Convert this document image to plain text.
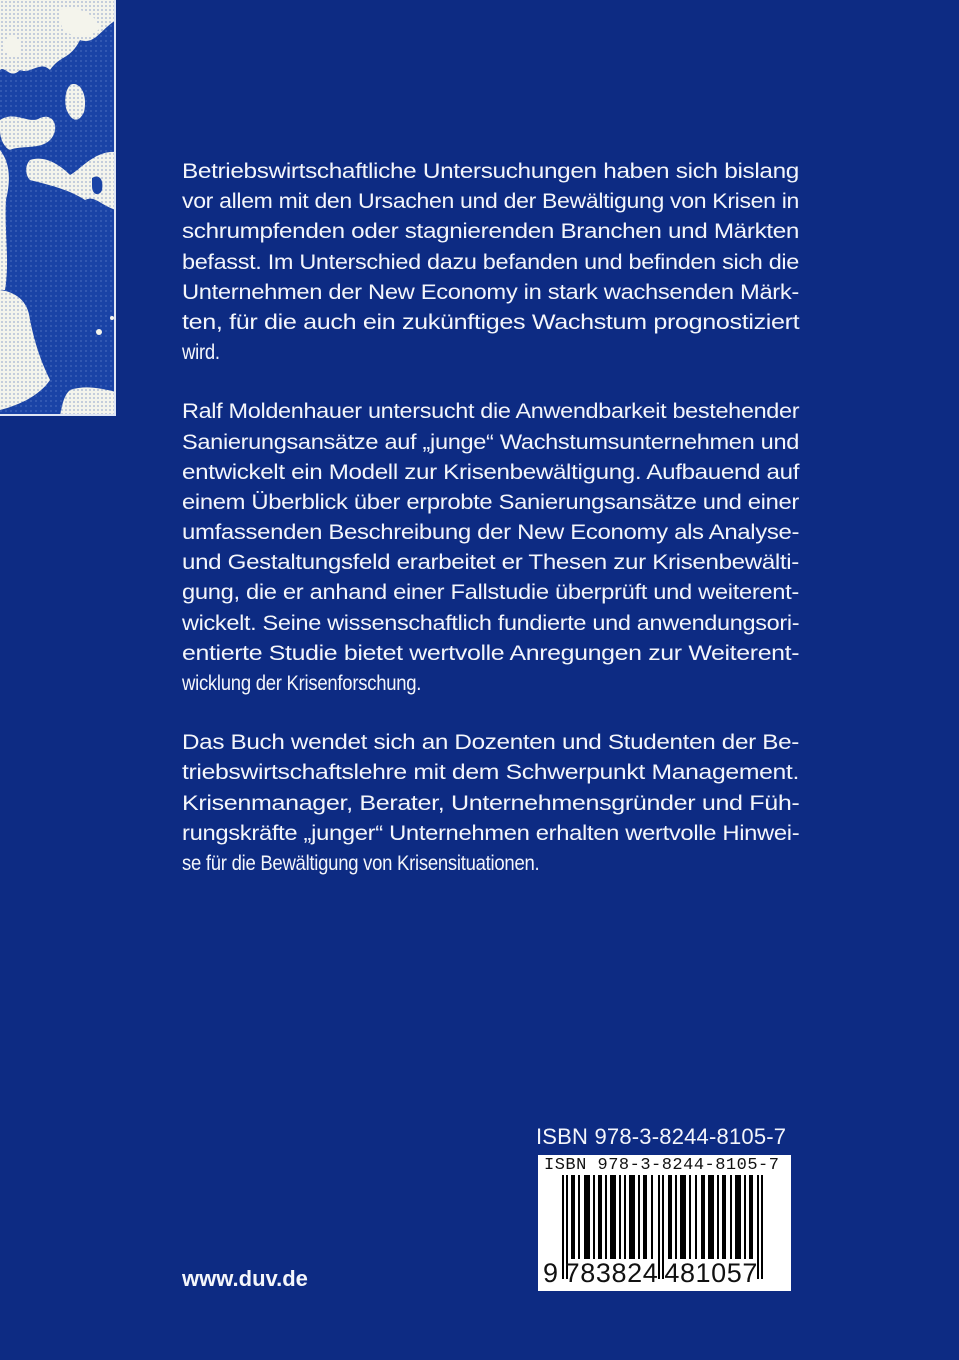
Betriebswirtschaftliche Untersuchungen haben sich bislang
vor allem mit den Ursachen und der Bewältigung von Krisen in
schrumpfenden oder stagnierenden Branchen und Märkten
befasst. Im Unterschied dazu befanden und befinden sich die
Unternehmen der New Economy in stark wachsenden Märk-
ten, für die auch ein zukünftiges Wachstum prognostiziert
wird.
Ralf Moldenhauer untersucht die Anwendbarkeit bestehender
Sanierungsansätze auf „junge“ Wachstumsunternehmen und
entwickelt ein Modell zur Krisenbewältigung. Aufbauend auf
einem Überblick über erprobte Sanierungsansätze und einer
umfassenden Beschreibung der New Economy als Analyse-
und Gestaltungsfeld erarbeitet er Thesen zur Krisenbewälti-
gung, die er anhand einer Fallstudie überprüft und weiterent-
wickelt. Seine wissenschaftlich fundierte und anwendungsori-
entierte Studie bietet wertvolle Anregungen zur Weiterent-
wicklung der Krisenforschung.
Das Buch wendet sich an Dozenten und Studenten der Be-
triebswirtschaftslehre mit dem Schwerpunkt Management.
Krisenmanager, Berater, Unternehmensgründer und Füh-
rungskräfte „junger“ Unternehmen erhalten wertvolle Hinwei-
se für die Bewältigung von Krisensituationen.
ISBN 978-3-8244-8105-7
ISBN 978-3-8244-8105-7
9 783824 481057
www.duv.de
